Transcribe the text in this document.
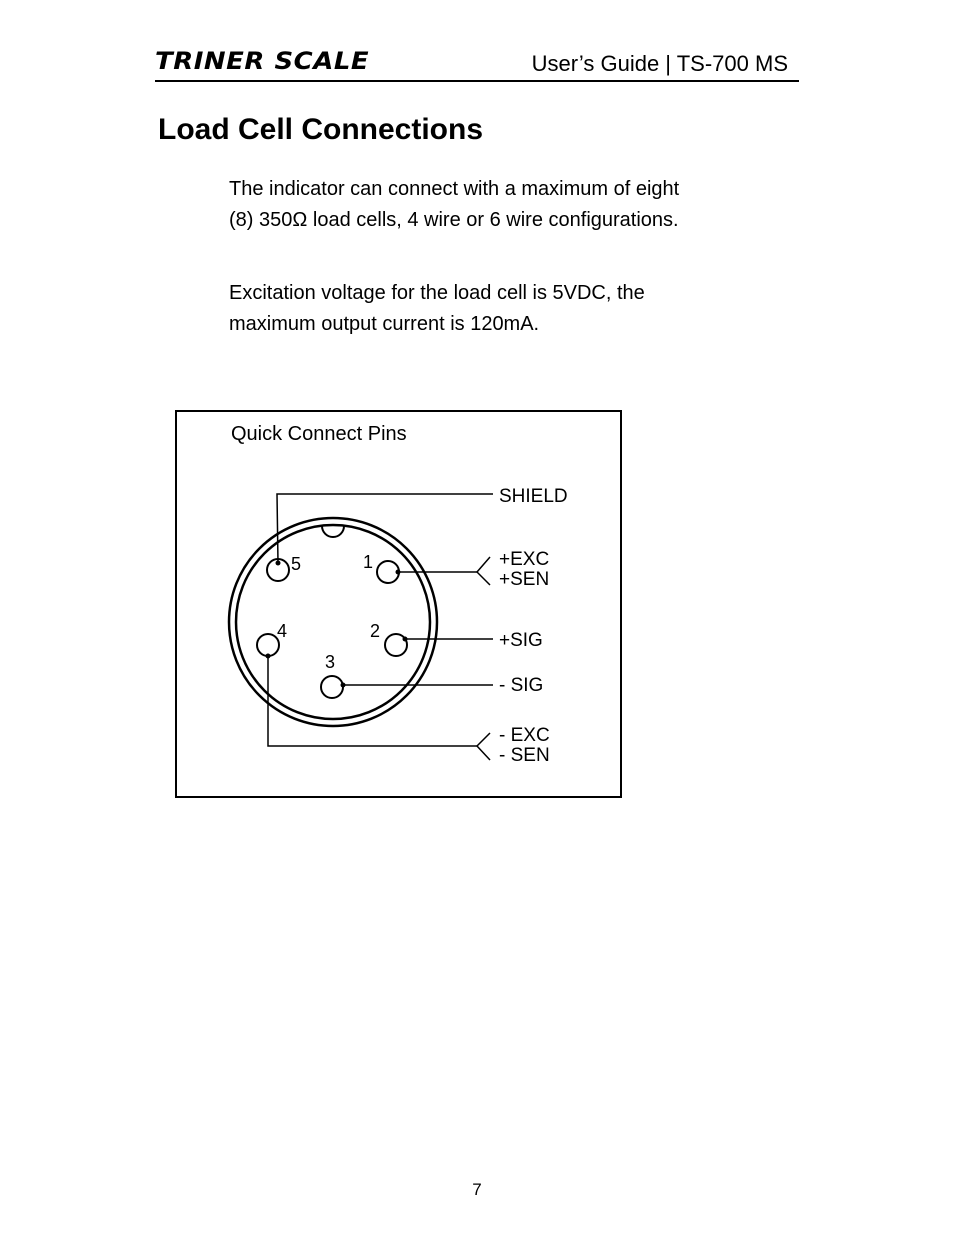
TRINER SCALE	User’s Guide | TS-700 MS
Load Cell Connections

The indicator can connect with a maximum of eight (8) 350Ω load cells, 4 wire or 6 wire configurations.

Excitation voltage for the load cell is 5VDC, the maximum output current is 120mA.

Quick Connect Pins
5	1
4	2
3
SHIELD
+EXC
+SEN
+SIG
- SIG
- EXC
- SEN
7
